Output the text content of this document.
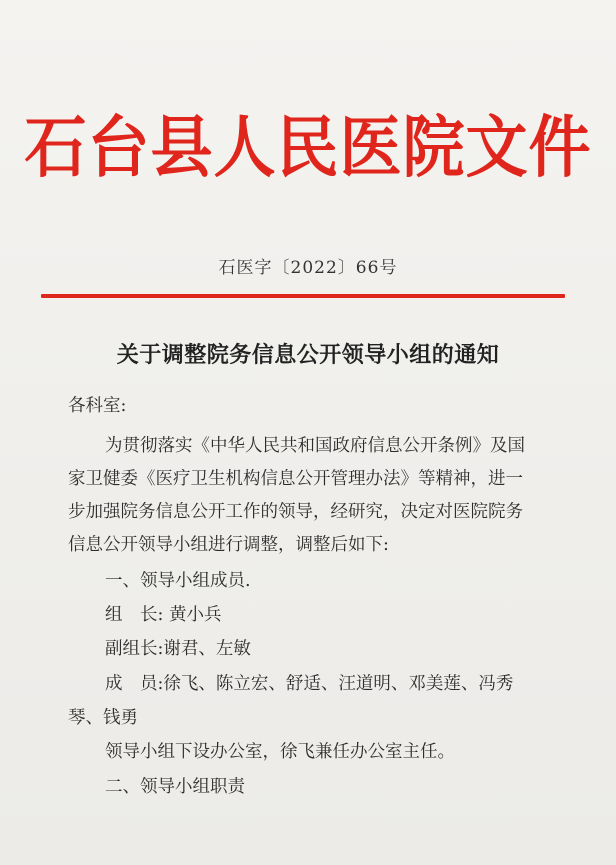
石台县人民医院文件
石医字〔2022〕66号
关于调整院务信息公开领导小组的通知
各科室:
为贯彻落实《中华人民共和国政府信息公开条例》及国
家卫健委《医疗卫生机构信息公开管理办法》等精神，进一
步加强院务信息公开工作的领导，经研究，决定对医院院务
信息公开领导小组进行调整，调整后如下:
一、领导小组成员.
组　长: 黄小兵
副组长:谢君、左敏
成　员:徐飞、陈立宏、舒适、汪道明、邓美莲、冯秀
琴、钱勇
领导小组下设办公室，徐飞兼任办公室主任。
二、领导小组职责
